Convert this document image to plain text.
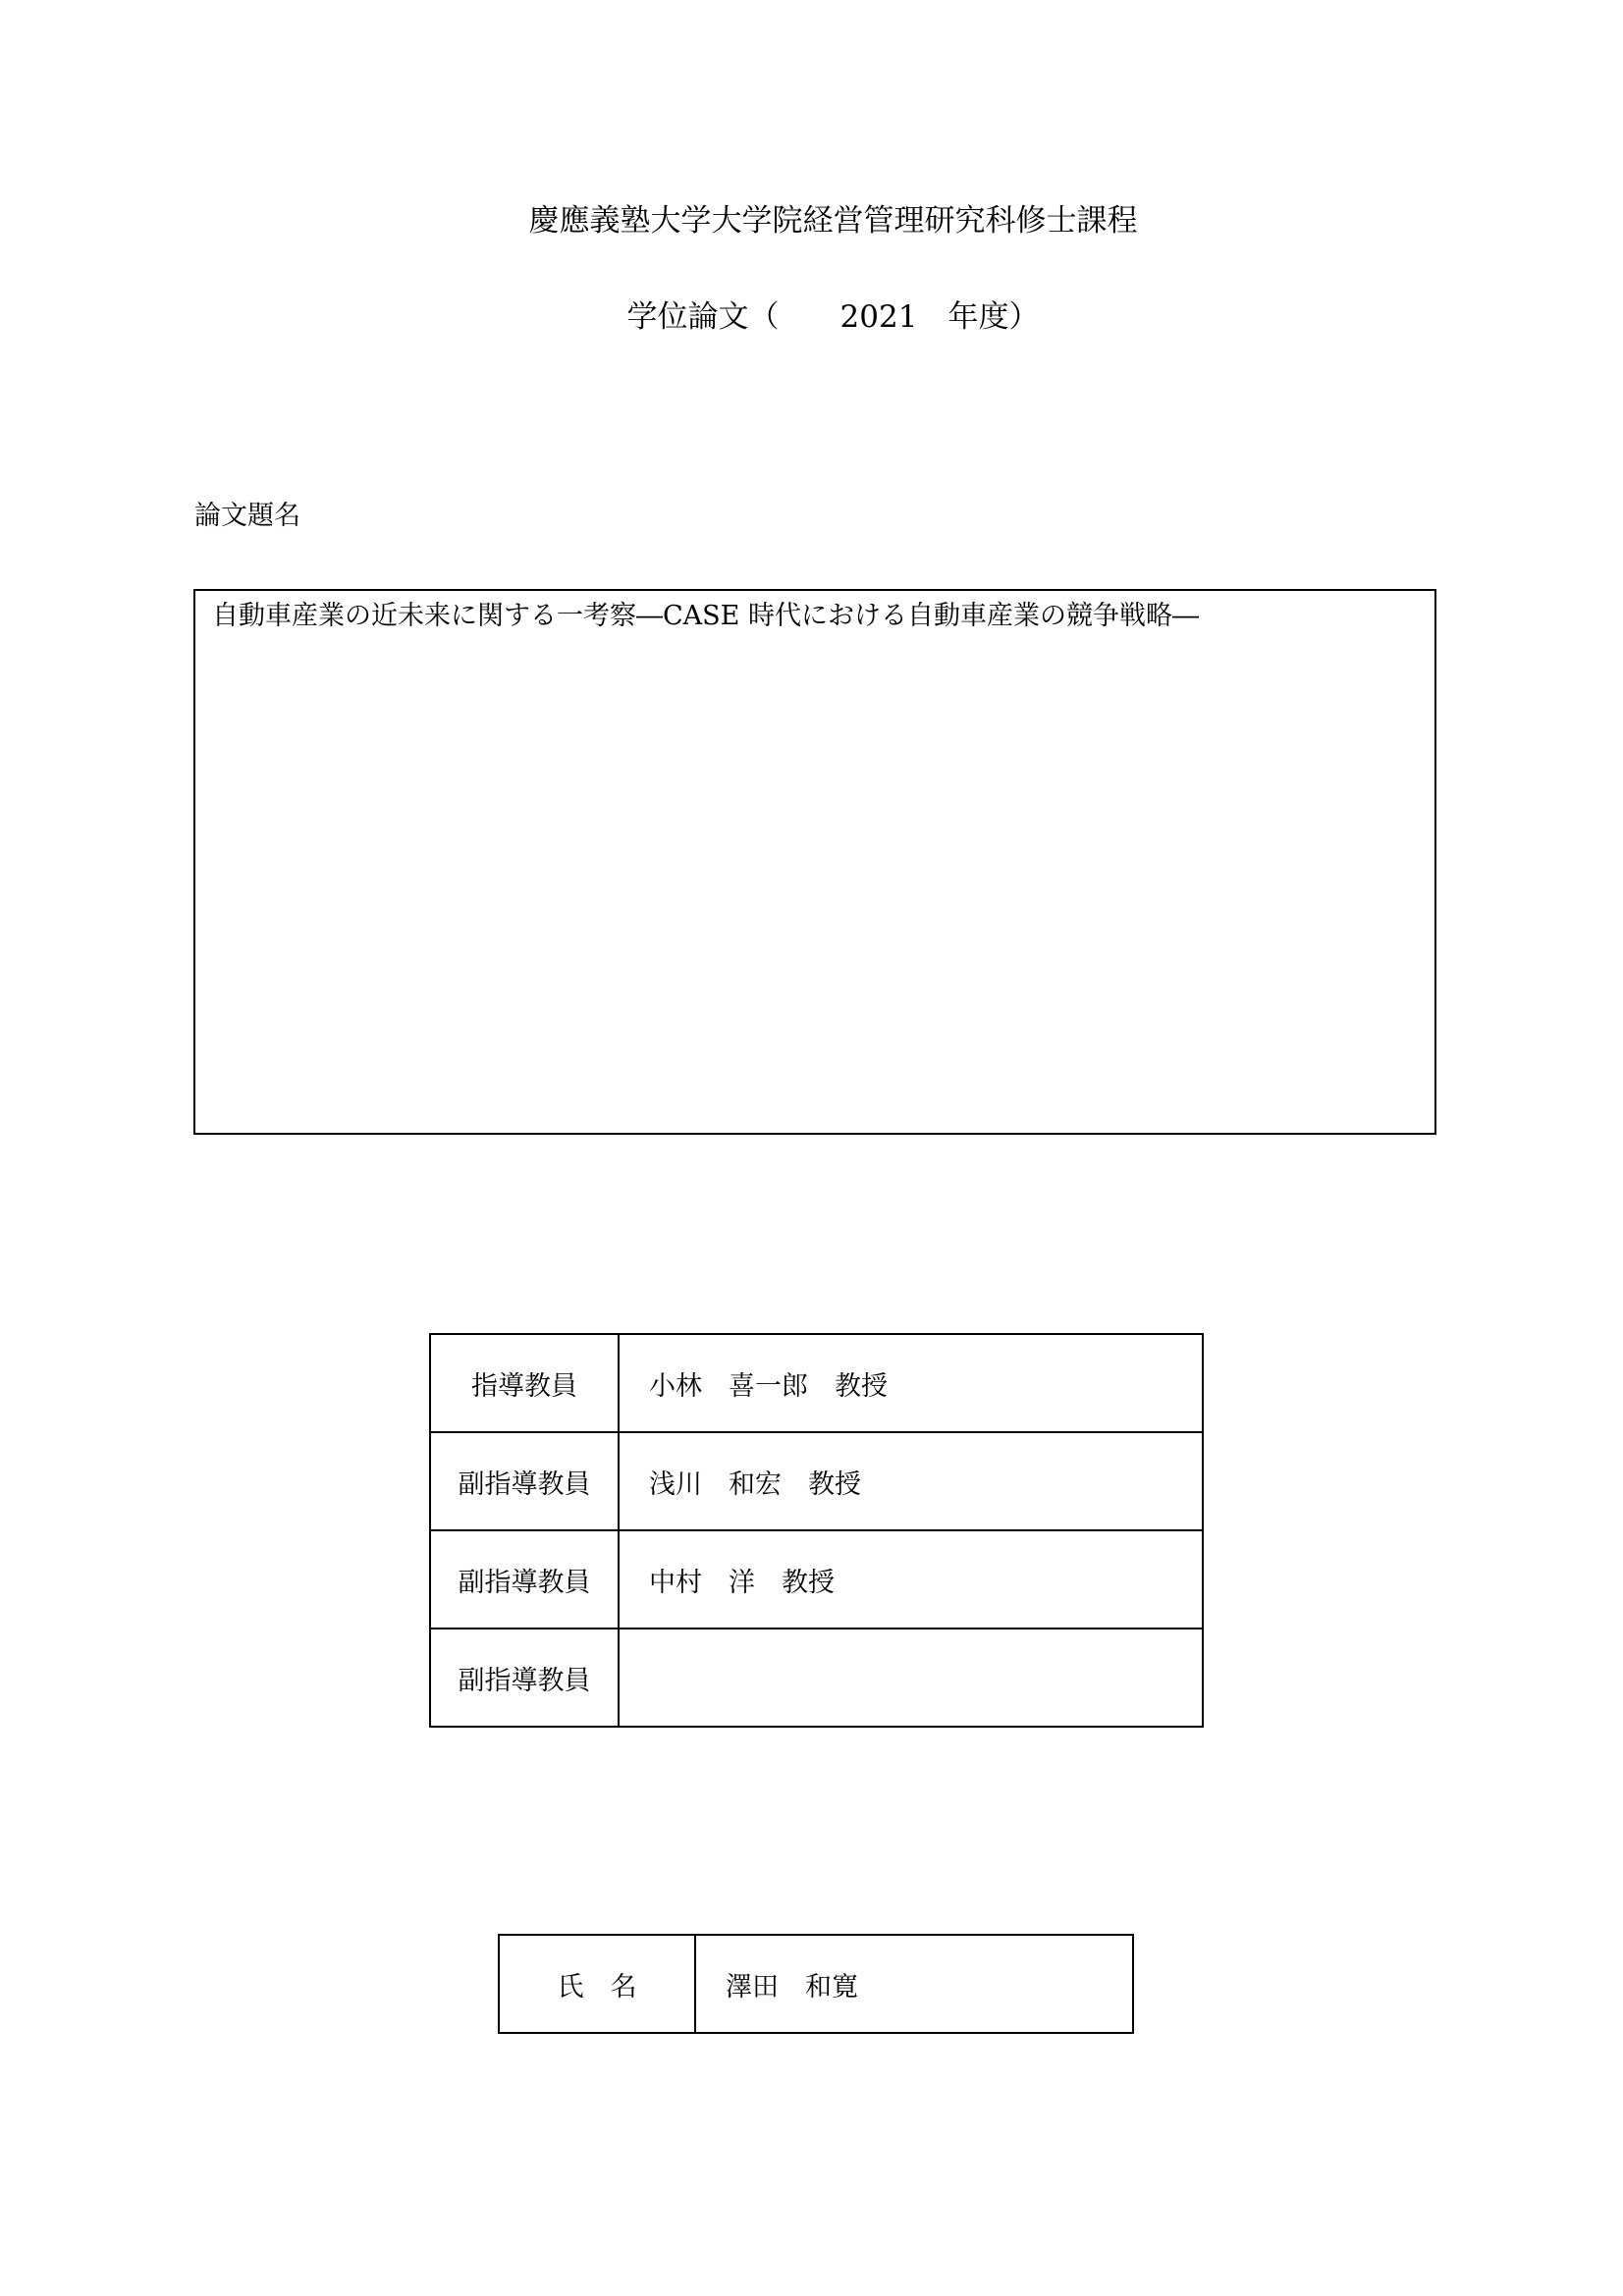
慶應義塾大学大学院経営管理研究科修士課程
学位論文（　　2021　年度）
論文題名
自動車産業の近未来に関する一考察―CASE 時代における自動車産業の競争戦略―
指導教員	小林　喜一郎　教授
副指導教員	浅川　和宏　教授
副指導教員	中村　洋　教授
副指導教員	
氏　名	澤田　和寛
